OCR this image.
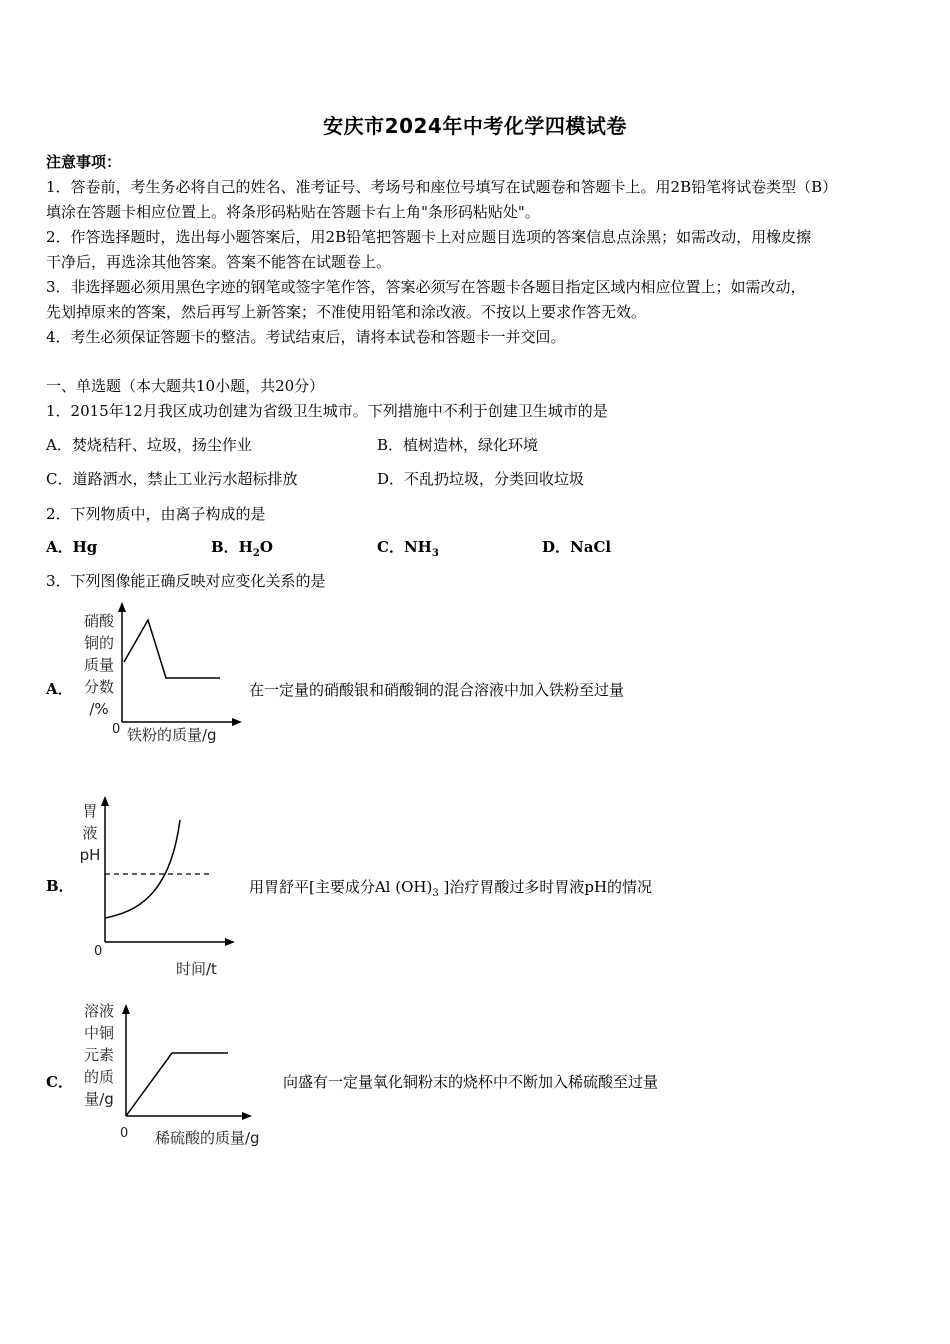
安庆市2024年中考化学四模试卷
注意事项：
1．答卷前，考生务必将自己的姓名、准考证号、考场号和座位号填写在试题卷和答题卡上。用2B铅笔将试卷类型（B）
填涂在答题卡相应位置上。将条形码粘贴在答题卡右上角"条形码粘贴处"。
2．作答选择题时，选出每小题答案后，用2B铅笔把答题卡上对应题目选项的答案信息点涂黑；如需改动，用橡皮擦
干净后，再选涂其他答案。答案不能答在试题卷上。
3．非选择题必须用黑色字迹的钢笔或签字笔作答，答案必须写在答题卡各题目指定区域内相应位置上；如需改动，
先划掉原来的答案，然后再写上新答案；不准使用铅笔和涂改液。不按以上要求作答无效。
4．考生必须保证答题卡的整洁。考试结束后，请将本试卷和答题卡一并交回。
一、单选题（本大题共10小题，共20分）
1．2015年12月我区成功创建为省级卫生城市。下列措施中不利于创建卫生城市的是
A．焚烧秸秆、垃圾，扬尘作业	B．植树造林，绿化环境
C．道路洒水，禁止工业污水超标排放	D．不乱扔垃圾，分类回收垃圾
2．下列物质中，由离子构成的是
A．Hg	B．$H_2O$	C．$NH_3$	D．NaCl
3．下列图像能正确反映对应变化关系的是
A．
硝酸
铜的
质量
分数
/%
0 铁粉的质量/g
在一定量的硝酸银和硝酸铜的混合溶液中加入铁粉至过量
B．
胃
液
pH
0
时间/t
用胃舒平[主要成分Al $(OH)_3$ ]治疗胃酸过多时胃液pH的情况
C．
溶液
中铜
元素
的质
量/g
0 稀硫酸的质量/g
向盛有一定量氧化铜粉末的烧杯中不断加入稀硫酸至过量
